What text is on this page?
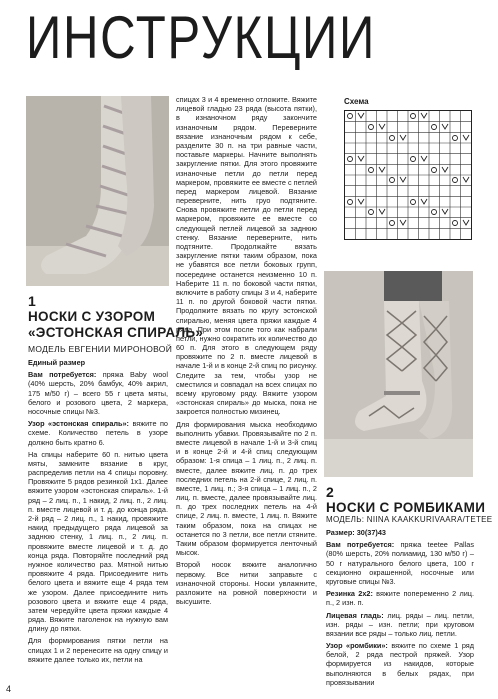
ИНСТРУКЦИИ
1
НОСКИ С УЗОРОМ
«ЭСТОНСКАЯ СПИРАЛЬ»
МОДЕЛЬ ЕВГЕНИИ МИРОНОВОЙ

Единый размер

Вам потребуется: пряжа Baby wool (40% шерсть, 20% бамбук, 40% акрил, 175 м/50 г) – всего 55 г цвета мяты, белого и розового цвета, 2 маркера, носочные спицы №3.

Узор «эстонская спираль»: вяжите по схеме. Количество петель в узоре должно быть кратно 6.

На спицы наберите 60 п. нитью цвета мяты, замкните вязание в круг, распределив петли на 4 спицы поровну. Провяжите 5 рядов резинкой 1х1. Далее вяжите узором «эстонская спираль». 1-й ряд – 2 лиц. п., 1 накид, 2 лиц. п., 2 лиц. п. вместе лицевой и т. д. до конца ряда. 2-й ряд – 2 лиц. п., 1 накид, провяжите накид предыдущего ряда лицевой за заднюю стенку, 1 лиц. п., 2 лиц. п. провяжите вместе лицевой и т. д. до конца ряда. Повторяйте последний ряд нужное количество раз. Мятной нитью провяжите 4 ряда. Присоедините нить белого цвета и вяжите еще 4 ряда тем же узором. Далее присоедините нить розового цвета и вяжите еще 4 ряда, затем чередуйте цвета пряжи каждые 4 ряда. Вяжите паголенок на нужную вам длину до пятки.

Для формирования пятки петли на спицах 1 и 2 перенесите на одну спицу и вяжите далее только их, петли на

спицах 3 и 4 временно отложите. Вяжите лицевой гладью 23 ряда (высота пятки), в изнаночном ряду закончите изнаночным рядом. Переверните вязание изнаночным рядом к себе, разделите 30 п. на три равные части, поставьте маркеры. Начните выполнять закругление пятки. Для этого провяжите изнаночные петли до петли перед маркером, провяжите ее вместе с петлей перед маркером лицевой. Вязание переверните, нить груо подтяните. Снова провяжите петли до петли перед маркером, провяжите ее вместе со следующей петлей лицевой за заднюю стенку. Вязание переверните, нить подтяните. Продолжайте вязать закругление пятки таким образом, пока не убавятся все петли боковых групп, посередине останется неизменно 10 п. Наберите 11 п. по боковой части пятки, включите в работу спицы 3 и 4, наберите 11 п. по другой боковой части пятки. Продолжите вязать по кругу эстонской спиралью, меняя цвета пряжи каждые 4 ряда. При этом после того как набрали петли, нужно сократить их количество до 60 п. Для этого в следующем ряду провяжите по 2 п. вместе лицевой в начале 1-й и в конце 2-й спиц по рисунку. Следите за тем, чтобы узор не сместился и совпадал на всех спицах по всему круговому ряду. Вяжите узором «эстонская спираль» до мыска, пока не закроется полностью мизинец.

Для формирования мыска необходимо выполнить убавки. Провязывайте по 2 п. вместе лицевой в начале 1-й и 3-й спиц и в конце 2-й и 4-й спиц следующим образом: 1-я спица – 1 лиц. п., 2 лиц. п. вместе, далее вяжите лиц. п. до трех последних петель на 2-й спице, 2 лиц. п. вместе, 1 лиц. п.; 3-я спица – 1 лиц. п., 2 лиц. п. вместе, далее провязывайте лиц. п. до трех последних петель на 4-й спице, 2 лиц. п. вместе, 1 лиц. п. Вяжите таким образом, пока на спицах не останется по 3 петли, все петли стяните. Таким образом формируется ленточный мысок.

Второй носок вяжите аналогично первому. Все нитки заправьте с изнаночной стороны. Носки увлажните, разложите на ровной поверхности и высушите.

Схема
2
НОСКИ С РОМБИКАМИ
МОДЕЛЬ: NIINA KAAKKURIVAARA/TETEE

Размер: 30(37)43

Вам потребуется: пряжа teetee Pallas (80% шерсть, 20% полиамид, 130 м/50 г) – 50 г натурального белого цвета, 100 г секционно окрашенной, носочные или круговые спицы №3.

Резинка 2х2: вяжите попеременно 2 лиц. п., 2 изн. п.

Лицевая гладь: лиц. ряды – лиц. петли, изн. ряды – изн. петли; при круговом вязании все ряды – только лиц. петли.

Узор «ромбики»: вяжите по схеме 1 ряд белой, 2 ряда пестрой пряжей. Узор формируется из накидов, которые выполняются в белых рядах, при провязывании

4
